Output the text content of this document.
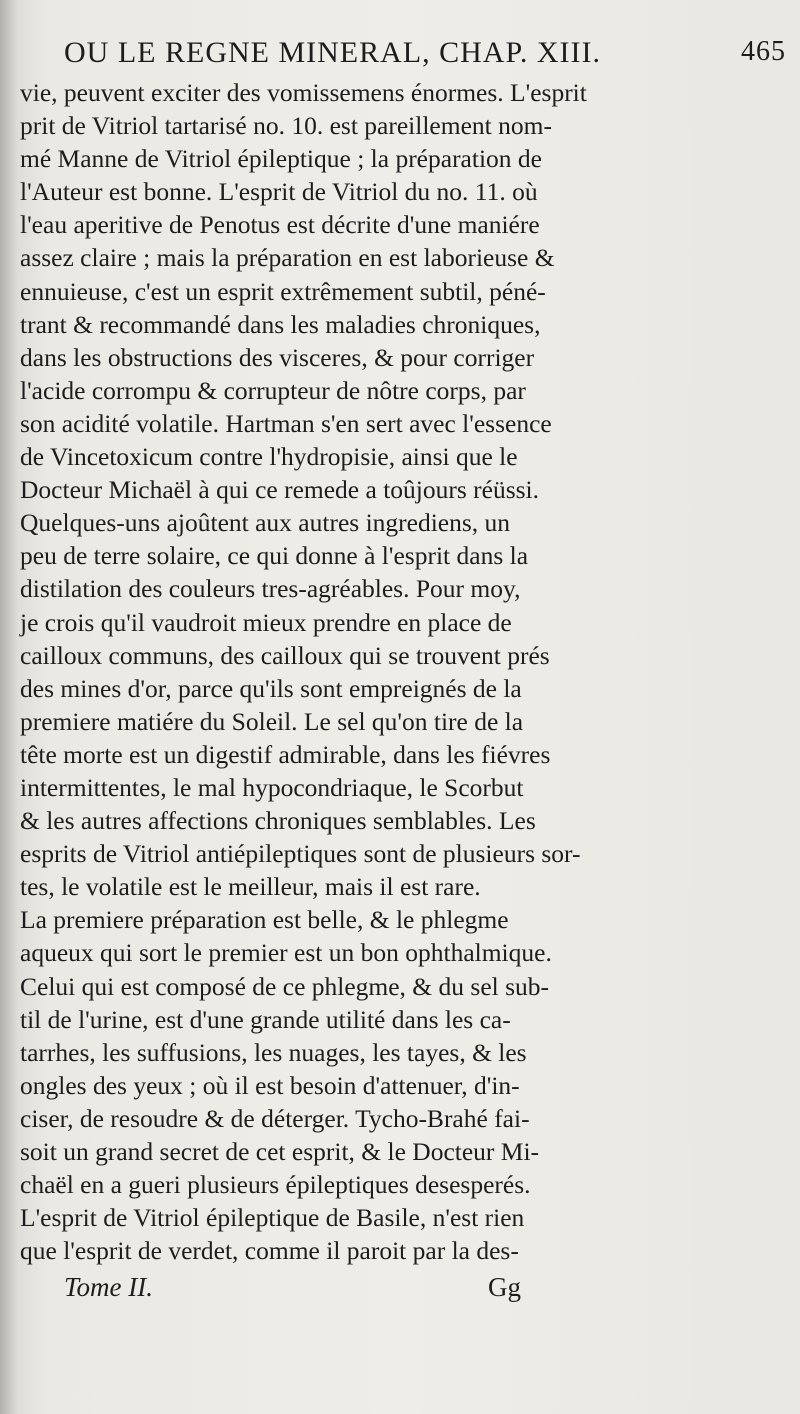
OU LE REGNE MINERAL, CHAP. XIII.	465
vie, peuvent exciter des vomissemens énormes. L'esprit
prit de Vitriol tartarisé no. 10. est pareillement nom-
mé Manne de Vitriol épileptique ; la préparation de
l'Auteur est bonne. L'esprit de Vitriol du no. 11. où
l'eau aperitive de Penotus est décrite d'une maniére
assez claire ; mais la préparation en est laborieuse &
ennuieuse, c'est un esprit extrêmement subtil, péné-
trant & recommandé dans les maladies chroniques,
dans les obstructions des visceres, & pour corriger
l'acide corrompu & corrupteur de nôtre corps, par
son acidité volatile. Hartman s'en sert avec l'essence
de Vincetoxicum contre l'hydropisie, ainsi que le
Docteur Michaël à qui ce remede a toûjours réüssi.
Quelques-uns ajoûtent aux autres ingrediens, un
peu de terre solaire, ce qui donne à l'esprit dans la
distilation des couleurs tres-agréables. Pour moy,
je crois qu'il vaudroit mieux prendre en place de
cailloux communs, des cailloux qui se trouvent prés
des mines d'or, parce qu'ils sont empreignés de la
premiere matiére du Soleil. Le sel qu'on tire de la
tête morte est un digestif admirable, dans les fiévres
intermittentes, le mal hypocondriaque, le Scorbut
& les autres affections chroniques semblables. Les
esprits de Vitriol antiépileptiques sont de plusieurs sor-
tes, le volatile est le meilleur, mais il est rare.
La premiere préparation est belle, & le phlegme
aqueux qui sort le premier est un bon ophthalmique.
Celui qui est composé de ce phlegme, & du sel sub-
til de l'urine, est d'une grande utilité dans les ca-
tarrhes, les suffusions, les nuages, les tayes, & les
ongles des yeux ; où il est besoin d'attenuer, d'in-
ciser, de resoudre & de déterger. Tycho-Brahé fai-
soit un grand secret de cet esprit, & le Docteur Mi-
chaël en a gueri plusieurs épileptiques desesperés.
L'esprit de Vitriol épileptique de Basile, n'est rien
que l'esprit de verdet, comme il paroit par la des-
Tome II.	Gg
